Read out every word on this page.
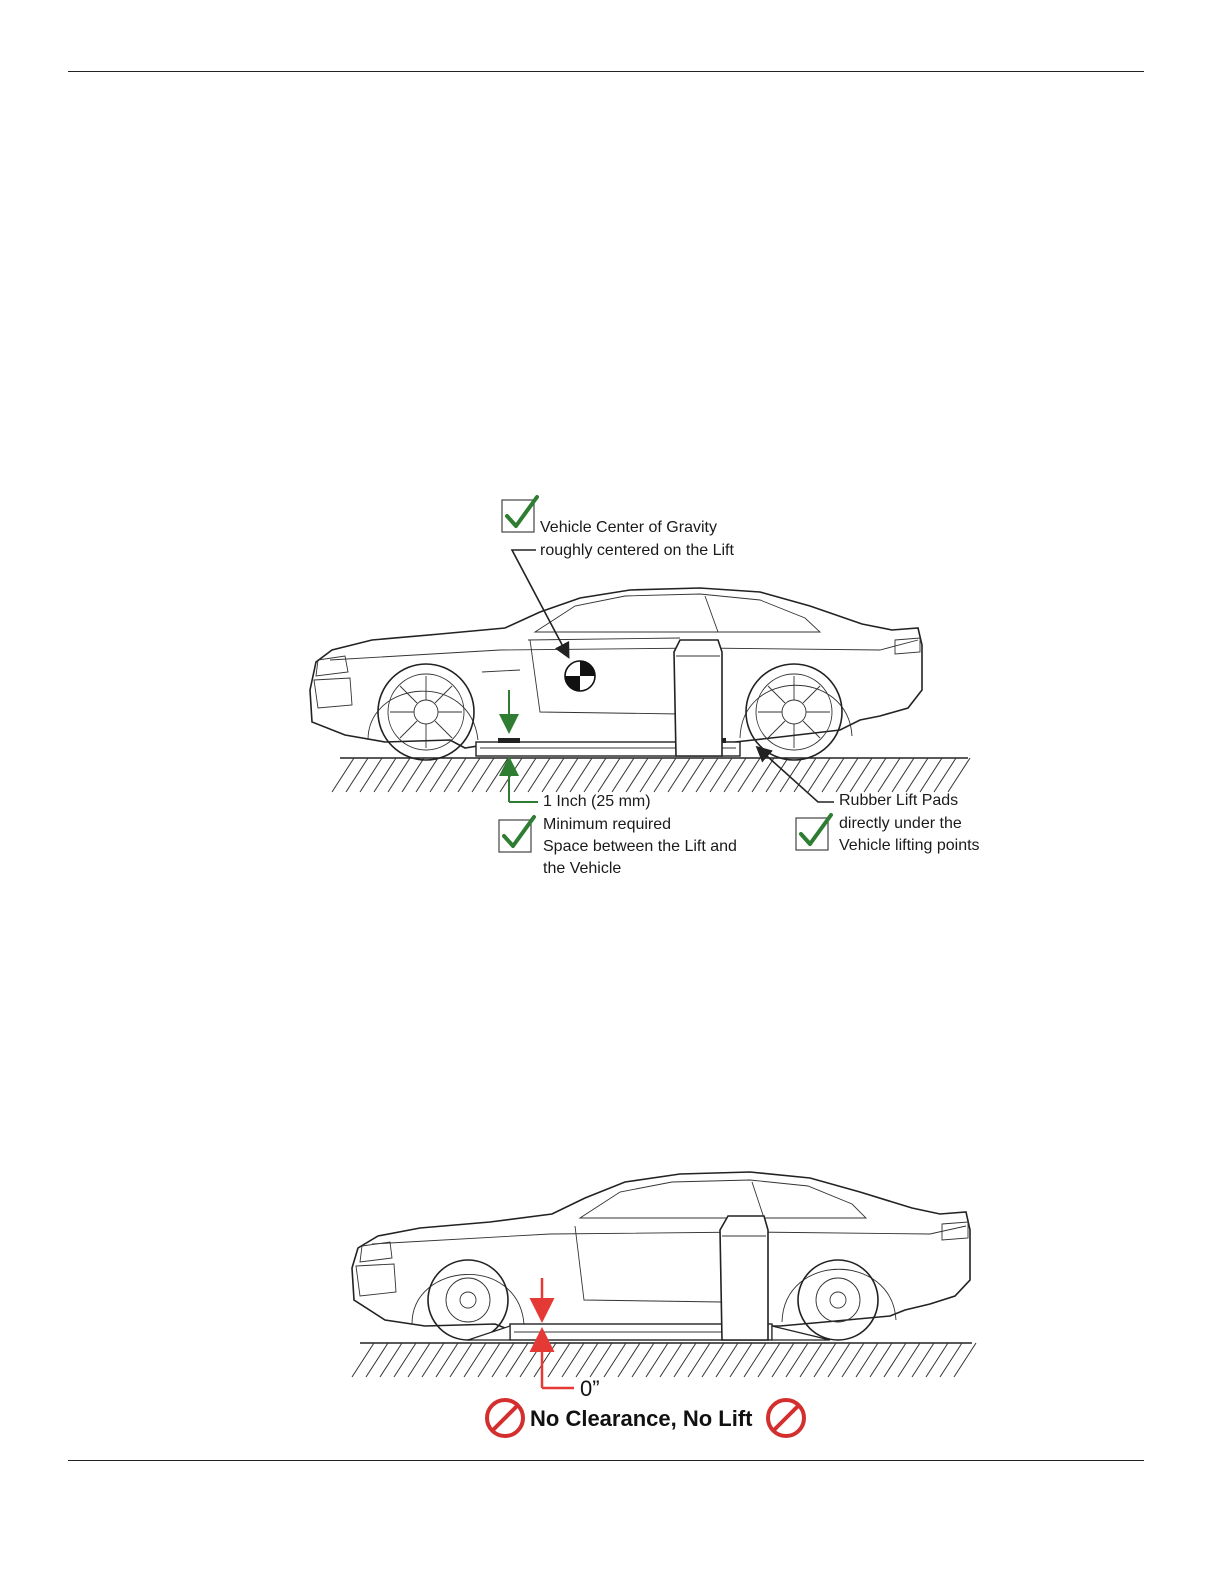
Vehicle Center of Gravity
roughly centered on the Lift
1 Inch (25 mm)
Minimum required
Space between the Lift and
the Vehicle
Rubber Lift Pads
directly under the
Vehicle lifting points
0”
No Clearance, No Lift
